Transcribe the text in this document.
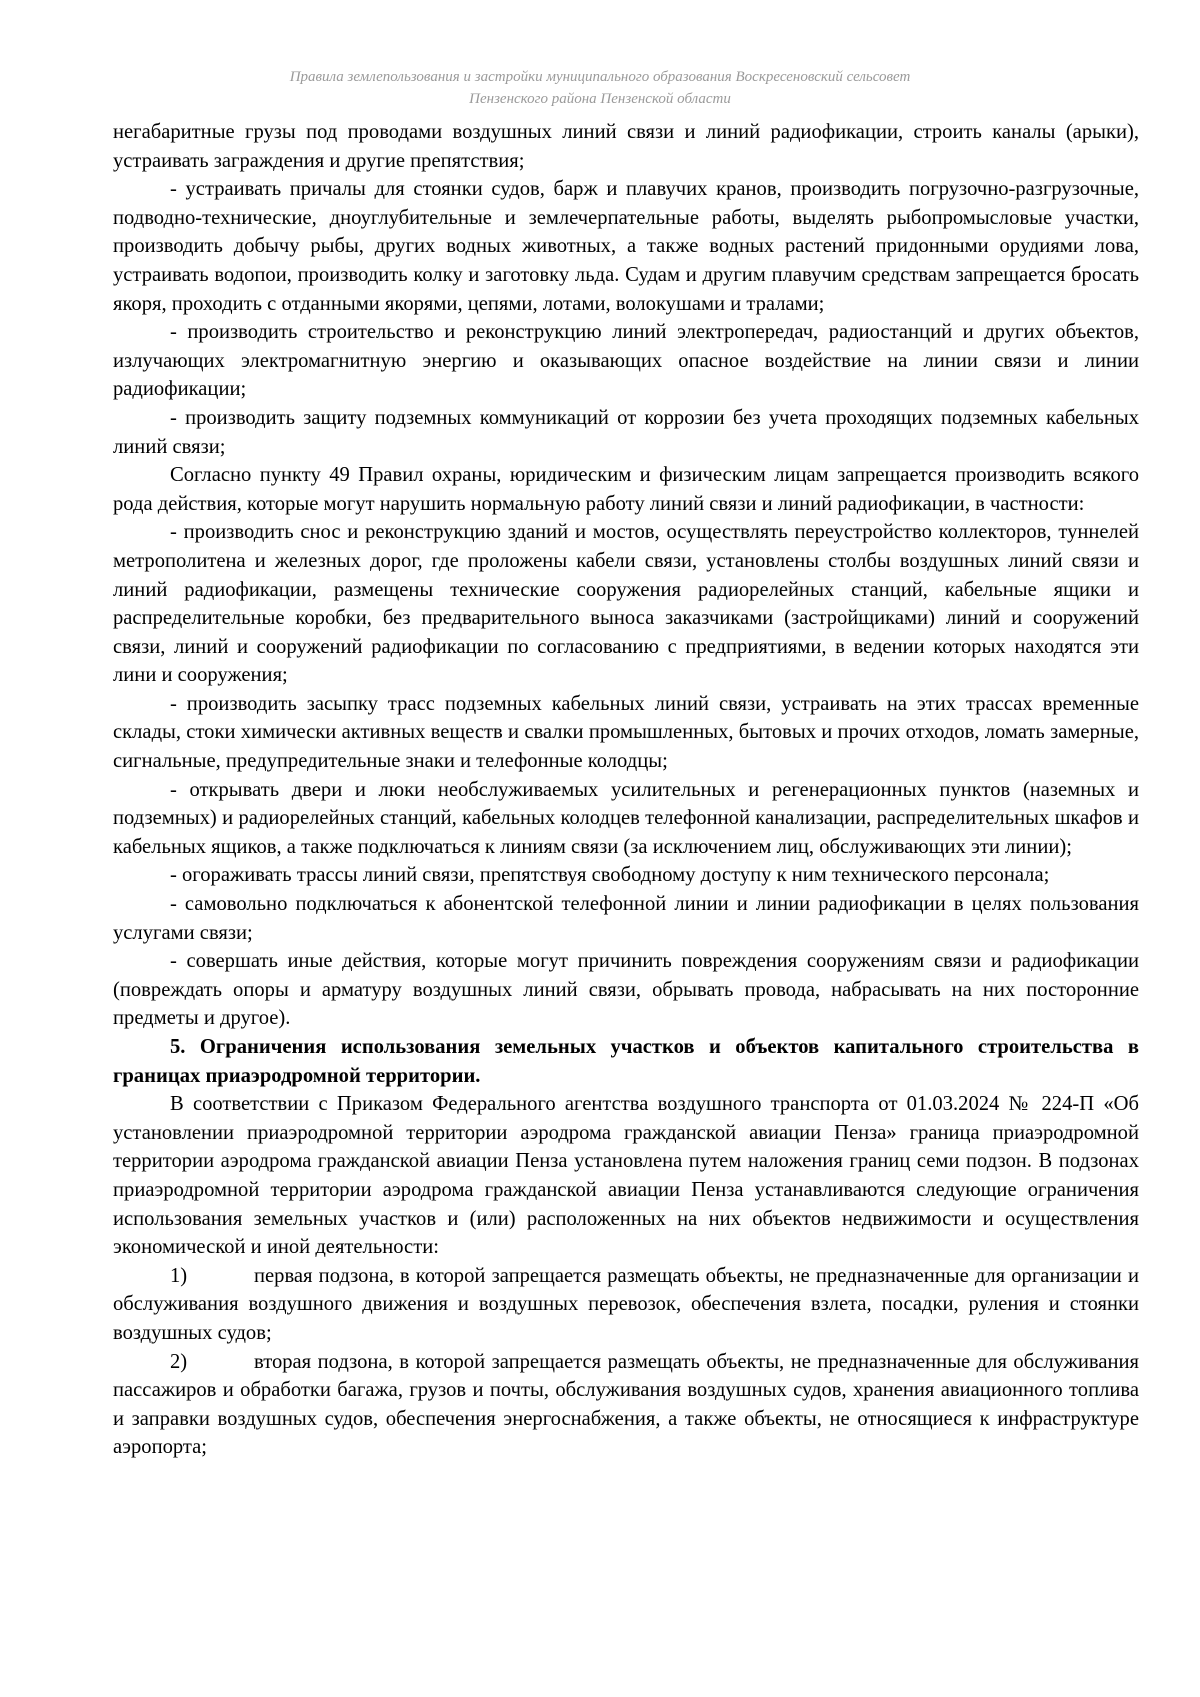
Правила землепользования и застройки муниципального образования Воскресеновский сельсовет
Пензенского района Пензенской области

негабаритные грузы под проводами воздушных линий связи и линий радиофикации, строить каналы (арыки), устраивать заграждения и другие препятствия;

- устраивать причалы для стоянки судов, барж и плавучих кранов, производить погрузочно-разгрузочные, подводно-технические, дноуглубительные и землечерпательные работы, выделять рыбопромысловые участки, производить добычу рыбы, других водных животных, а также водных растений придонными орудиями лова, устраивать водопои, производить колку и заготовку льда. Судам и другим плавучим средствам запрещается бросать якоря, проходить с отданными якорями, цепями, лотами, волокушами и тралами;

- производить строительство и реконструкцию линий электропередач, радиостанций и других объектов, излучающих электромагнитную энергию и оказывающих опасное воздействие на линии связи и линии радиофикации;

- производить защиту подземных коммуникаций от коррозии без учета проходящих подземных кабельных линий связи;

Согласно пункту 49 Правил охраны, юридическим и физическим лицам запрещается производить всякого рода действия, которые могут нарушить нормальную работу линий связи и линий радиофикации, в частности:

- производить снос и реконструкцию зданий и мостов, осуществлять переустройство коллекторов, туннелей метрополитена и железных дорог, где проложены кабели связи, установлены столбы воздушных линий связи и линий радиофикации, размещены технические сооружения радиорелейных станций, кабельные ящики и распределительные коробки, без предварительного выноса заказчиками (застройщиками) линий и сооружений связи, линий и сооружений радиофикации по согласованию с предприятиями, в ведении которых находятся эти лини и сооружения;

- производить засыпку трасс подземных кабельных линий связи, устраивать на этих трассах временные склады, стоки химически активных веществ и свалки промышленных, бытовых и прочих отходов, ломать замерные, сигнальные, предупредительные знаки и телефонные колодцы;

- открывать двери и люки необслуживаемых усилительных и регенерационных пунктов (наземных и подземных) и радиорелейных станций, кабельных колодцев телефонной канализации, распределительных шкафов и кабельных ящиков, а также подключаться к линиям связи (за исключением лиц, обслуживающих эти линии);

- огораживать трассы линий связи, препятствуя свободному доступу к ним технического персонала;

- самовольно подключаться к абонентской телефонной линии и линии радиофикации в целях пользования услугами связи;

- совершать иные действия, которые могут причинить повреждения сооружениям связи и радиофикации (повреждать опоры и арматуру воздушных линий связи, обрывать провода, набрасывать на них посторонние предметы и другое).

5. Ограничения использования земельных участков и объектов капитального строительства в границах приаэродромной территории.

В соответствии с Приказом Федерального агентства воздушного транспорта от 01.03.2024 № 224-П «Об установлении приаэродромной территории аэродрома гражданской авиации Пенза» граница приаэродромной территории аэродрома гражданской авиации Пенза установлена путем наложения границ семи подзон. В подзонах приаэродромной территории аэродрома гражданской авиации Пенза устанавливаются следующие ограничения использования земельных участков и (или) расположенных на них объектов недвижимости и осуществления экономической и иной деятельности:

1)	первая подзона, в которой запрещается размещать объекты, не предназначенные для организации и обслуживания воздушного движения и воздушных перевозок, обеспечения взлета, посадки, руления и стоянки воздушных судов;

2)	вторая подзона, в которой запрещается размещать объекты, не предназначенные для обслуживания пассажиров и обработки багажа, грузов и почты, обслуживания воздушных судов, хранения авиационного топлива и заправки воздушных судов, обеспечения энергоснабжения, а также объекты, не относящиеся к инфраструктуре аэропорта;
